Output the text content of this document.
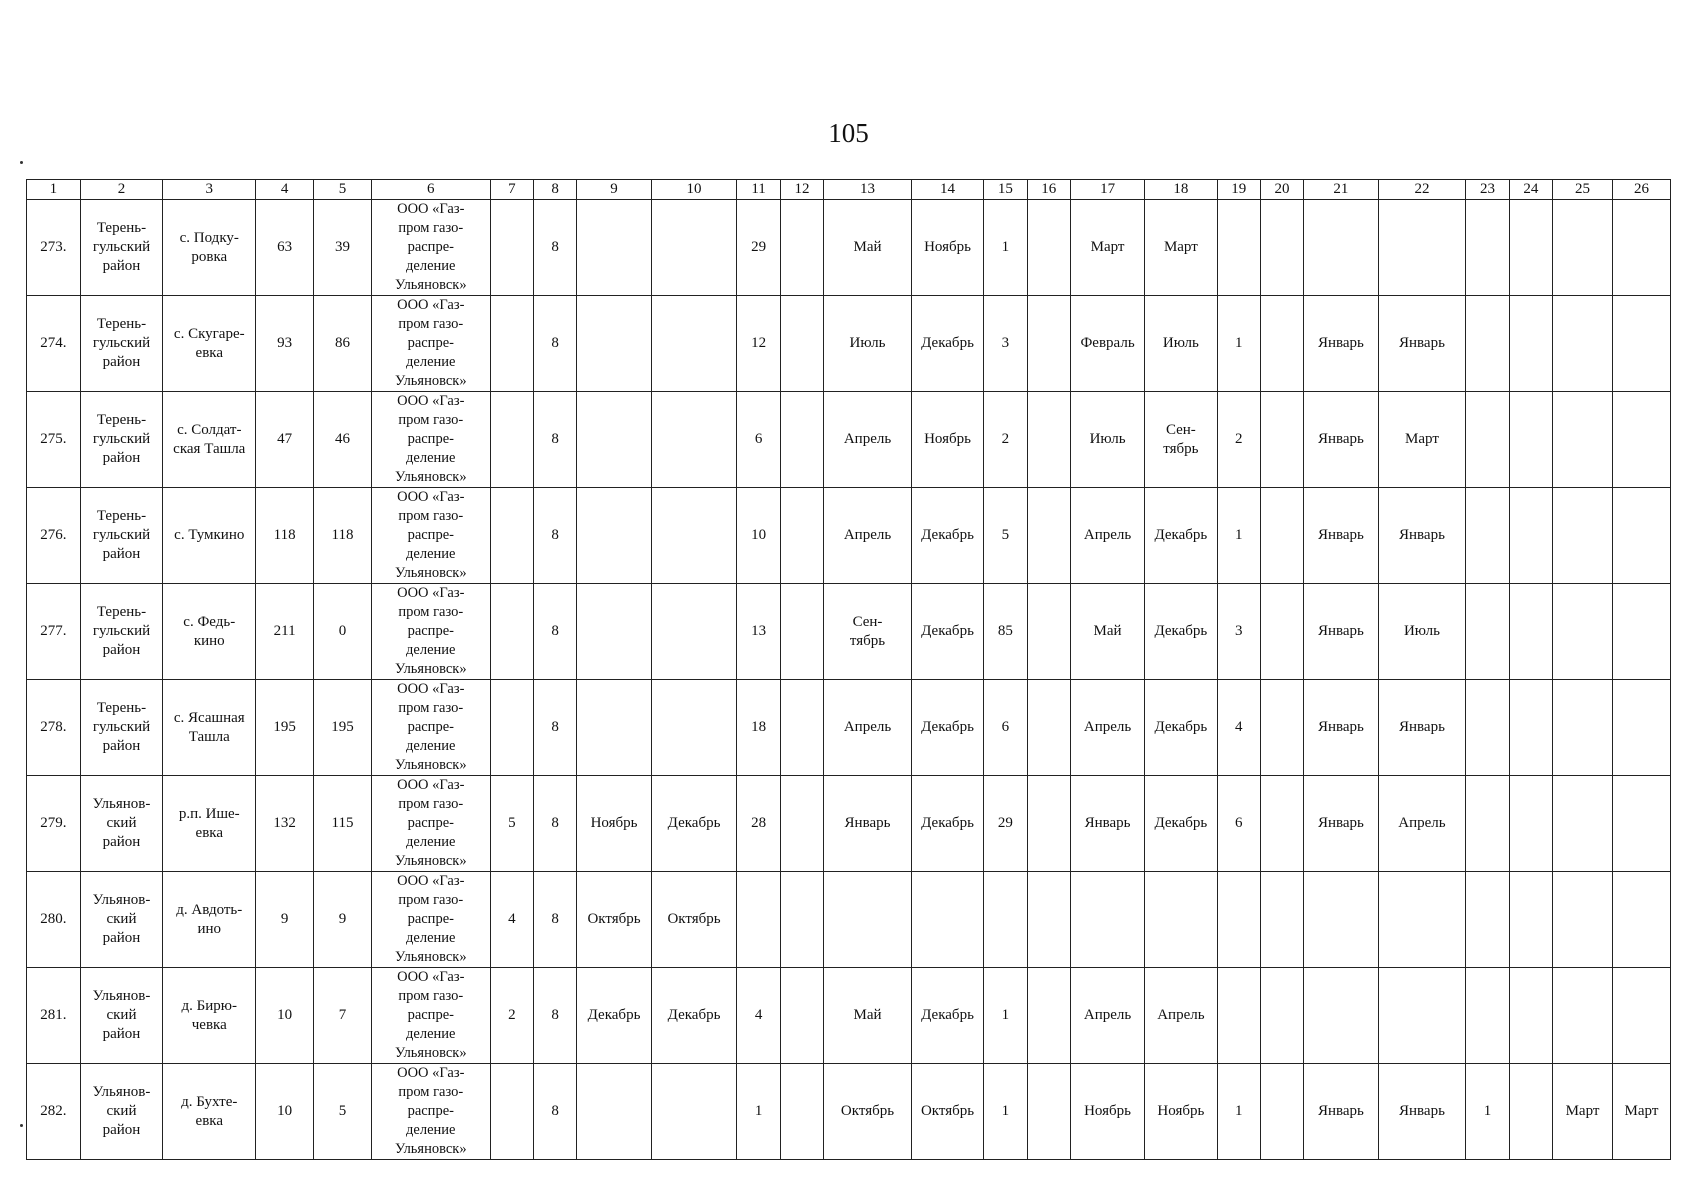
105
1	2	3	4	5	6	7	8	9	10	11	12	13	14	15	16	17	18	19	20	21	22	23	24	25	26
273.	Терень-
гульский
район	с. Подку-
ровка	63	39	ООО «Газ-
пром газо-
распре-
деление
Ульяновск»		8			29		Май	Ноябрь	1		Март	Март								
274.	Терень-
гульский
район	с. Скугаре-
евка	93	86	ООО «Газ-
пром газо-
распре-
деление
Ульяновск»		8			12		Июль	Декабрь	3		Февраль	Июль	1		Январь	Январь				
275.	Терень-
гульский
район	с. Солдат-
ская Ташла	47	46	ООО «Газ-
пром газо-
распре-
деление
Ульяновск»		8			6		Апрель	Ноябрь	2		Июль	Сен-
тябрь	2		Январь	Март				
276.	Терень-
гульский
район	с. Тумкино	118	118	ООО «Газ-
пром газо-
распре-
деление
Ульяновск»		8			10		Апрель	Декабрь	5		Апрель	Декабрь	1		Январь	Январь				
277.	Терень-
гульский
район	с. Федь-
кино	211	0	ООО «Газ-
пром газо-
распре-
деление
Ульяновск»		8			13		Сен-
тябрь	Декабрь	85		Май	Декабрь	3		Январь	Июль				
278.	Терень-
гульский
район	с. Ясашная
Ташла	195	195	ООО «Газ-
пром газо-
распре-
деление
Ульяновск»		8			18		Апрель	Декабрь	6		Апрель	Декабрь	4		Январь	Январь				
279.	Ульянов-
ский
район	р.п. Ише-
евка	132	115	ООО «Газ-
пром газо-
распре-
деление
Ульяновск»	5	8	Ноябрь	Декабрь	28		Январь	Декабрь	29		Январь	Декабрь	6		Январь	Апрель				
280.	Ульянов-
ский
район	д. Авдоть-
ино	9	9	ООО «Газ-
пром газо-
распре-
деление
Ульяновск»	4	8	Октябрь	Октябрь																
281.	Ульянов-
ский
район	д. Бирю-
чевка	10	7	ООО «Газ-
пром газо-
распре-
деление
Ульяновск»	2	8	Декабрь	Декабрь	4		Май	Декабрь	1		Апрель	Апрель								
282.	Ульянов-
ский
район	д. Бухте-
евка	10	5	ООО «Газ-
пром газо-
распре-
деление
Ульяновск»		8			1		Октябрь	Октябрь	1		Ноябрь	Ноябрь	1		Январь	Январь	1		Март	Март
